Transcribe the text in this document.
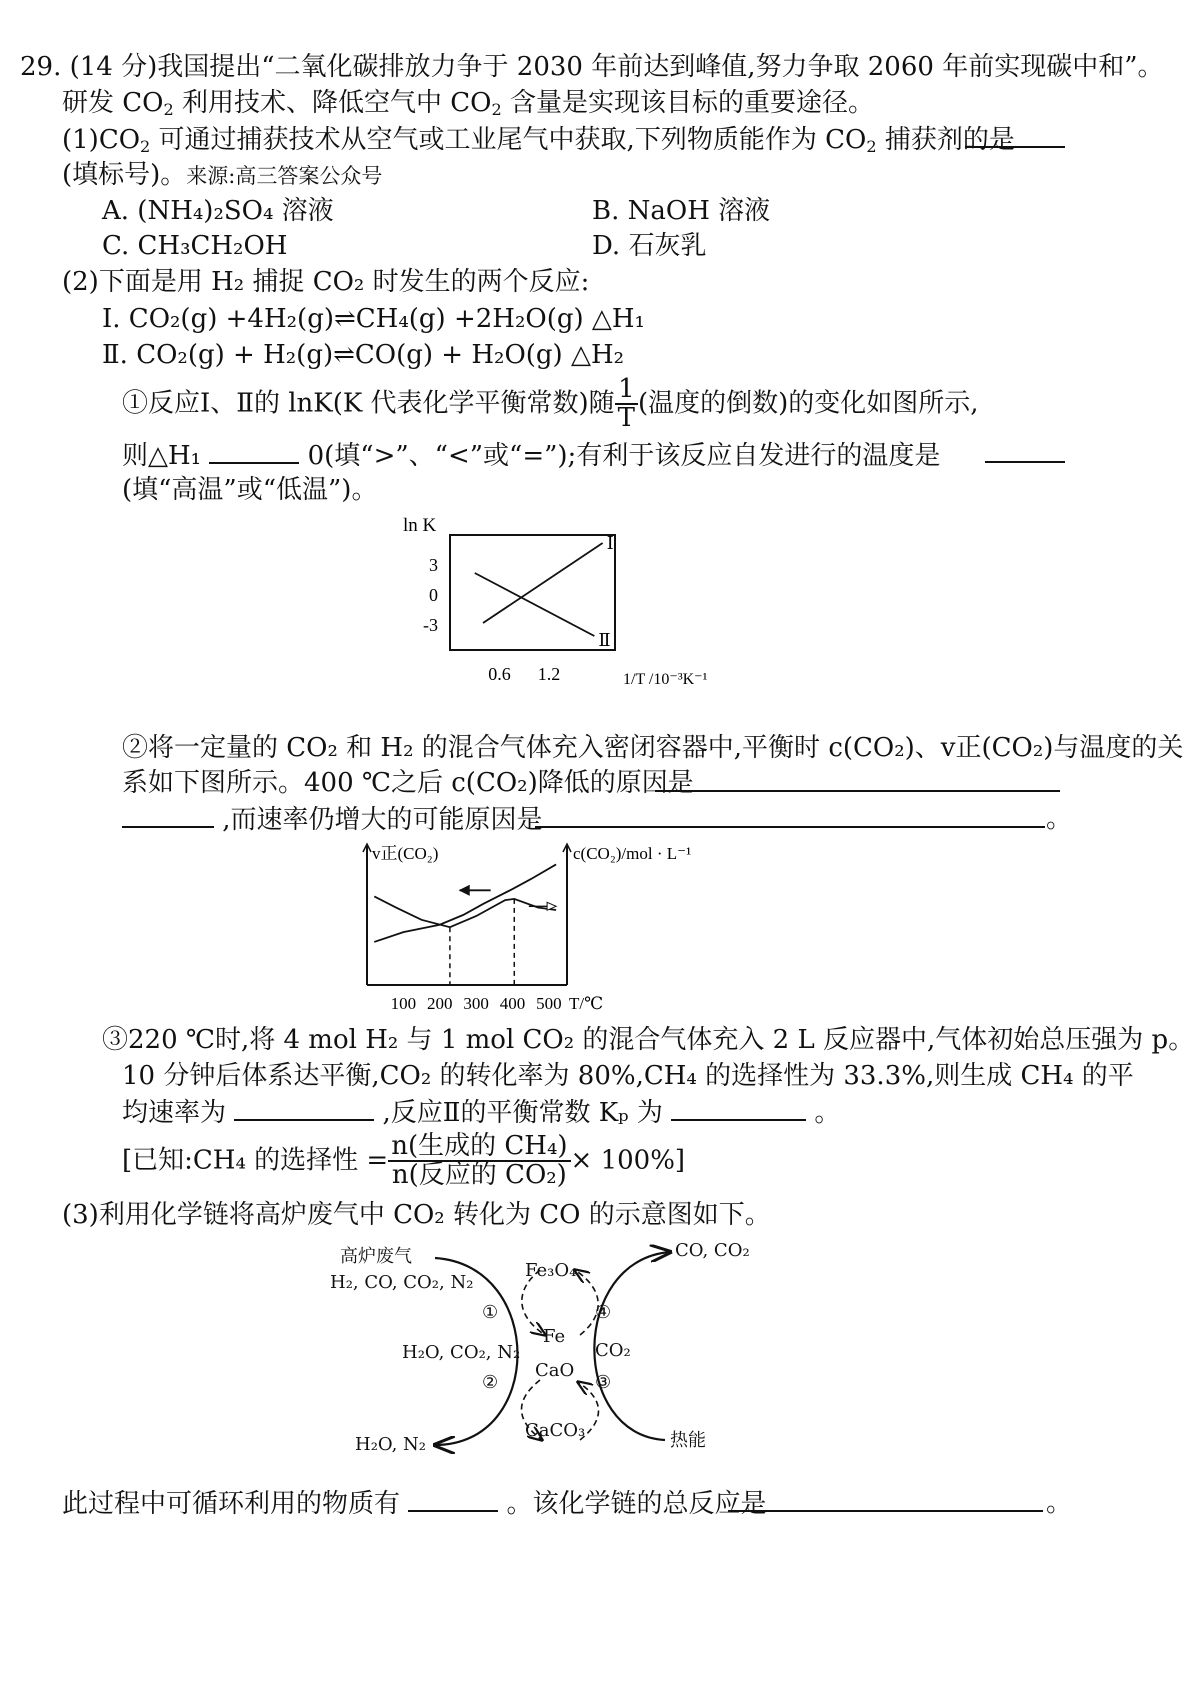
29. (14 分)我国提出“二氧化碳排放力争于 2030 年前达到峰值,努力争取 2060 年前实现碳中和”。
研发 $CO_2$ 利用技术、降低空气中 $CO_2$ 含量是实现该目标的重要途径。
$(1)CO_2$ 可通过捕获技术从空气或工业尾气中获取,下列物质能作为 $CO_2$ 捕获剂的是
(填标号)。来源:高三答案公众号
A. (NH₄)₂SO₄ 溶液	B. NaOH 溶液
C. CH₃CH₂OH	D. 石灰乳
(2)下面是用 H₂ 捕捉 CO₂ 时发生的两个反应:
Ⅰ. CO₂(g) +4H₂(g)⇌CH₄(g) +2H₂O(g) △H₁
Ⅱ. CO₂(g) + H₂(g)⇌CO(g) + H₂O(g) △H₂
①反应Ⅰ、Ⅱ的 lnK(K 代表化学平衡常数)随 $\frac{1}{T}$ (温度的倒数)的变化如图所示,
则△H₁	0(填“>”、“<”或“=”);有利于该反应自发进行的温度是
(填“高温”或“低温”)。
ln K
3
0
-3
0.6 1.2	1/T /10⁻³K⁻¹
Ⅰ
Ⅱ
②将一定量的 CO₂ 和 H₂ 的混合气体充入密闭容器中,平衡时 c(CO₂)、v正(CO₂)与温度的关
系如下图所示。400 ℃之后 c(CO₂)降低的原因是
,而速率仍增大的可能原因是	。
v正(CO₂)	c(CO₂)/mol · L⁻¹
100 200 300 400 500 T/℃
③220 ℃时,将 4 mol H₂ 与 1 mol CO₂ 的混合气体充入 2 L 反应器中,气体初始总压强为 p。
10 分钟后体系达平衡,CO₂ 的转化率为 80%,CH₄ 的选择性为 33.3%,则生成 CH₄ 的平
均速率为	,反应Ⅱ的平衡常数 Kₚ 为	。
[已知:CH₄ 的选择性 = $\frac{\text{n(生成的 CH₄)}}{\text{n(反应的 CO₂)}} \times 100\%$]
(3)利用化学链将高炉废气中 CO₂ 转化为 CO 的示意图如下。
高炉废气
H₂, CO, CO₂, N₂
Fe₃O₄
①	④
Fe
H₂O, CO₂, N₂	CO₂
CaO
②	③
CaCO₃
H₂O, N₂
CO, CO₂
热能
此过程中可循环利用的物质有	。该化学链的总反应是	。
